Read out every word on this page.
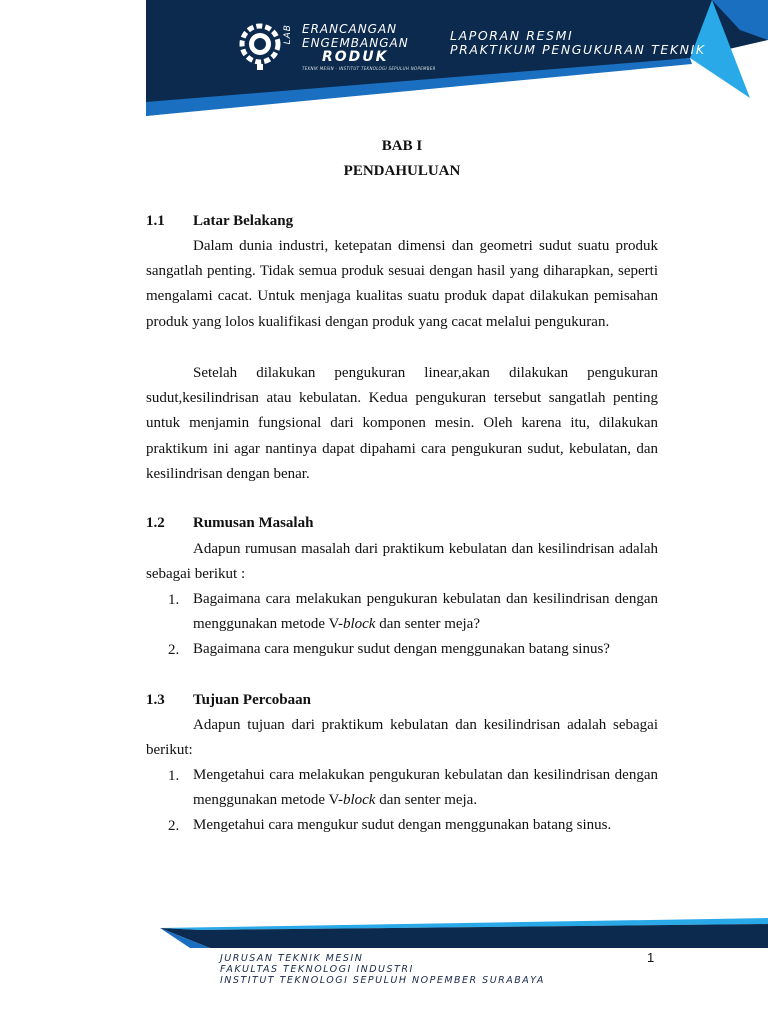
LAB ERANCANGAN
ENGEMBANGAN
RODUK
TEKNIK MESIN - INSTITUT TEKNOLOGI SEPULUH NOPEMBER
LAPORAN RESMI
PRAKTIKUM PENGUKURAN TEKNIK
BAB I
PENDAHULUAN
1.1 Latar Belakang
Dalam dunia industri, ketepatan dimensi dan geometri sudut suatu produk sangatlah penting. Tidak semua produk sesuai dengan hasil yang diharapkan, seperti mengalami cacat. Untuk menjaga kualitas suatu produk dapat dilakukan pemisahan produk yang lolos kualifikasi dengan produk yang cacat melalui pengukuran.
Setelah dilakukan pengukuran linear,akan dilakukan pengukuran sudut,kesilindrisan atau kebulatan. Kedua pengukuran tersebut sangatlah penting untuk menjamin fungsional dari komponen mesin. Oleh karena itu, dilakukan praktikum ini agar nantinya dapat dipahami cara pengukuran sudut, kebulatan, dan kesilindrisan dengan benar.
1.2 Rumusan Masalah
Adapun rumusan masalah dari praktikum kebulatan dan kesilindrisan adalah sebagai berikut :
1. Bagaimana cara melakukan pengukuran kebulatan dan kesilindrisan dengan menggunakan metode V-block dan senter meja?
2. Bagaimana cara mengukur sudut dengan menggunakan batang sinus?
1.3 Tujuan Percobaan
Adapun tujuan dari praktikum kebulatan dan kesilindrisan adalah sebagai berikut:
1. Mengetahui cara melakukan pengukuran kebulatan dan kesilindrisan dengan menggunakan metode V-block dan senter meja.
2. Mengetahui cara mengukur sudut dengan menggunakan batang sinus.
JURUSAN TEKNIK MESIN
FAKULTAS TEKNOLOGI INDUSTRI
INSTITUT TEKNOLOGI SEPULUH NOPEMBER SURABAYA
1
